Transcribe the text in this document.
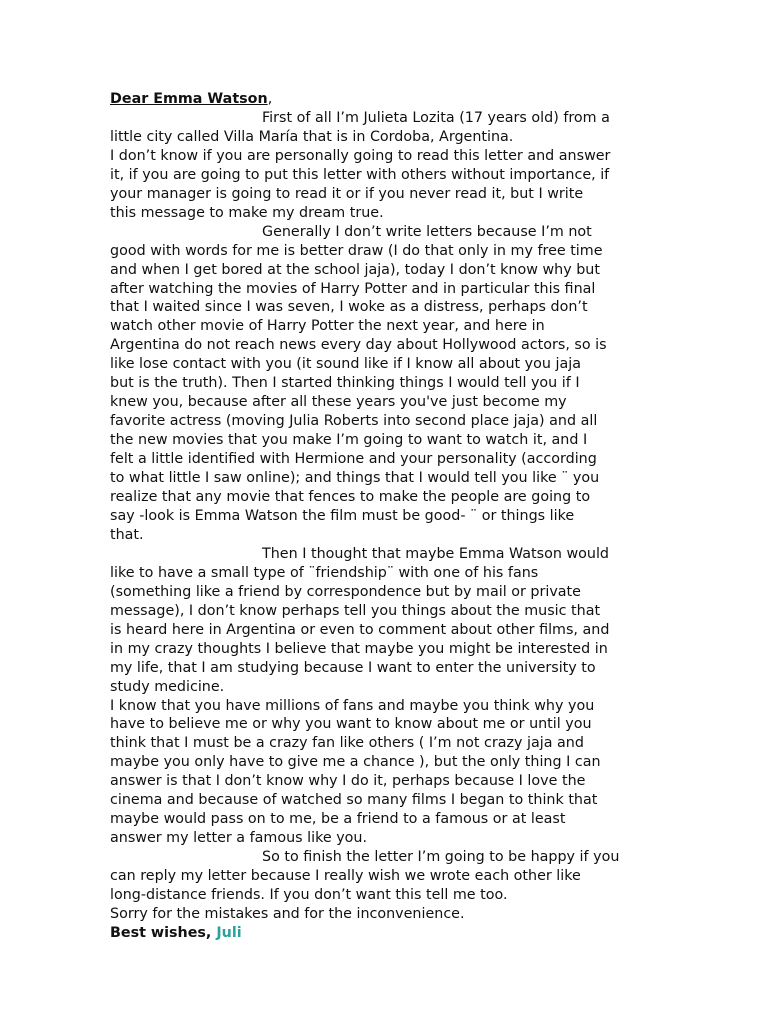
Dear Emma Watson,
First of all I’m Julieta Lozita (17 years old) from a
little city called Villa María that is in Cordoba, Argentina.
I don’t know if you are personally going to read this letter and answer
it, if you are going to put this letter with others without importance, if
your manager is going to read it or if you never read it, but I write
this message to make my dream true.
Generally I don’t write letters because I’m not
good with words for me is better draw (I do that only in my free time
and when I get bored at the school jaja), today I don’t know why but
after watching the movies of Harry Potter and in particular this final
that I waited since I was seven, I woke as a distress, perhaps don’t
watch other movie of Harry Potter the next year, and here in
Argentina do not reach news every day about Hollywood actors, so is
like lose contact with you (it sound like if I know all about you jaja
but is the truth). Then I started thinking things I would tell you if I
knew you, because after all these years you've just become my
favorite actress (moving Julia Roberts into second place jaja) and all
the new movies that you make I’m going to want to watch it, and I
felt a little identified with Hermione and your personality (according
to what little I saw online); and things that I would tell you like ¨ you
realize that any movie that fences to make the people are going to
say -look is Emma Watson the film must be good- ¨ or things like
that.
Then I thought that maybe Emma Watson would
like to have a small type of ¨friendship¨ with one of his fans
(something like a friend by correspondence but by mail or private
message), I don’t know perhaps tell you things about the music that
is heard here in Argentina or even to comment about other films, and
in my crazy thoughts I believe that maybe you might be interested in
my life, that I am studying because I want to enter the university to
study medicine.
I know that you have millions of fans and maybe you think why you
have to believe me or why you want to know about me or until you
think that I must be a crazy fan like others ( I’m not crazy jaja and
maybe you only have to give me a chance ), but the only thing I can
answer is that I don’t know why I do it, perhaps because I love the
cinema and because of watched so many films I began to think that
maybe would pass on to me, be a friend to a famous or at least
answer my letter a famous like you.
So to finish the letter I’m going to be happy if you
can reply my letter because I really wish we wrote each other like
long-distance friends. If you don’t want this tell me too.
Sorry for the mistakes and for the inconvenience.
Best wishes, Juli
